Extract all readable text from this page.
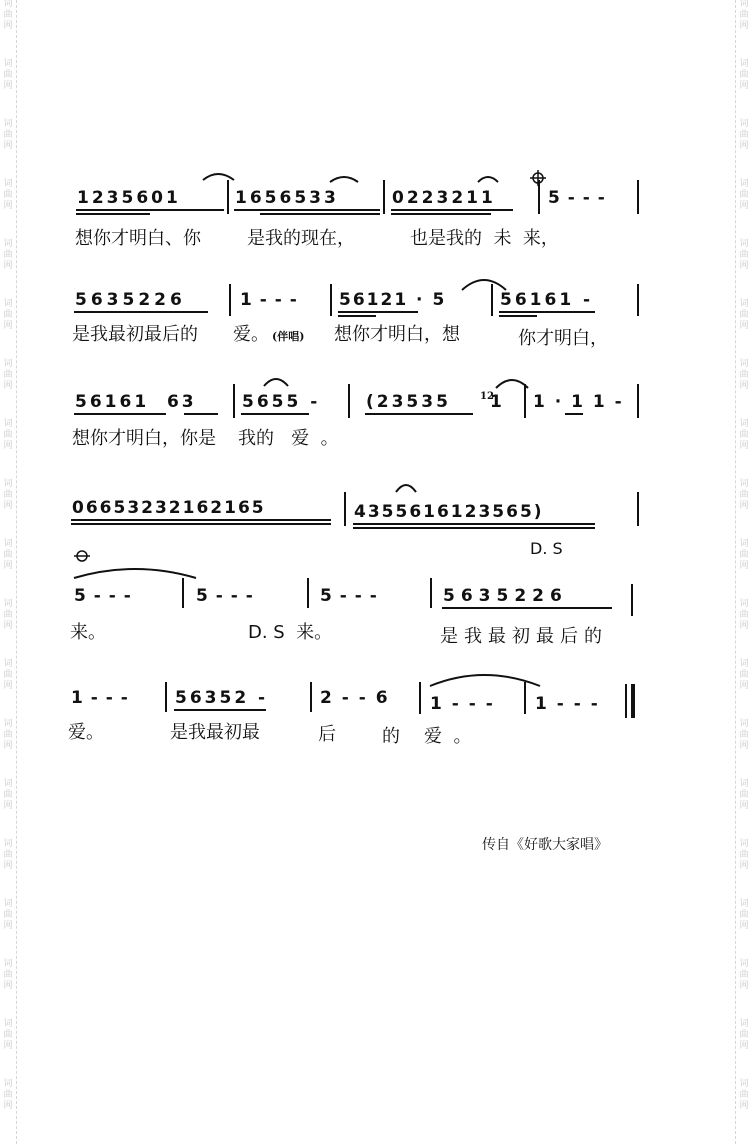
词
曲
网
词
曲
网
词
曲
网
词
曲
网
词
曲
网
词
曲
网
词
曲
网
词
曲
网
词
曲
网
词
曲
网
词
曲
网
词
曲
网
词
曲
网
词
曲
网
词
曲
网
词
曲
网
词
曲
网
词
曲
网
词
曲
网
词
曲
网
词
曲
网
词
曲
网
词
曲
网
词
曲
网
词
曲
网
词
曲
网
词
曲
网
词
曲
网
词
曲
网
词
曲
网
词
曲
网
词
曲
网
词
曲
网
词
曲
网
词
曲
网
词
曲
网
词
曲
网
词
曲
网
1235601	1656533	0223211	5 - - -
想你才明白、你	是我的现在，	也是我的  未  来，
5635226	1 - - - 56121 · 5	56161 -
是我最初最后的 爱。 (伴唱) 想你才明白，想	你才明白，
56161  63	5655 -	(23535	12
1 1 · 1 1 -
想你才明白，你是 我的   爱  。
06653232162165	4355616123565)
D. S
5 - - -	5 - - -	5 - - -	5635226
来。	D. S  来。	是我最初最后的
1 - - -	56352 -	2 - - 6 1 - - - 1 - - -
爱。	是我最初最	后	的 爱  。
传自《好歌大家唱》
